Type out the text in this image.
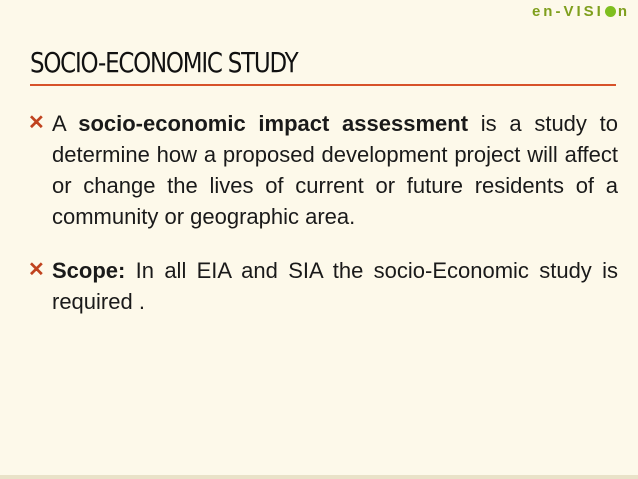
en-VISI n
SOCIO-ECONOMIC STUDY
✕ A socio-economic impact assessment is a study to determine how a proposed development project will affect or change the lives of current or future residents of a community or geographic area.
✕ Scope: In all EIA and SIA the socio-Economic study is required .
